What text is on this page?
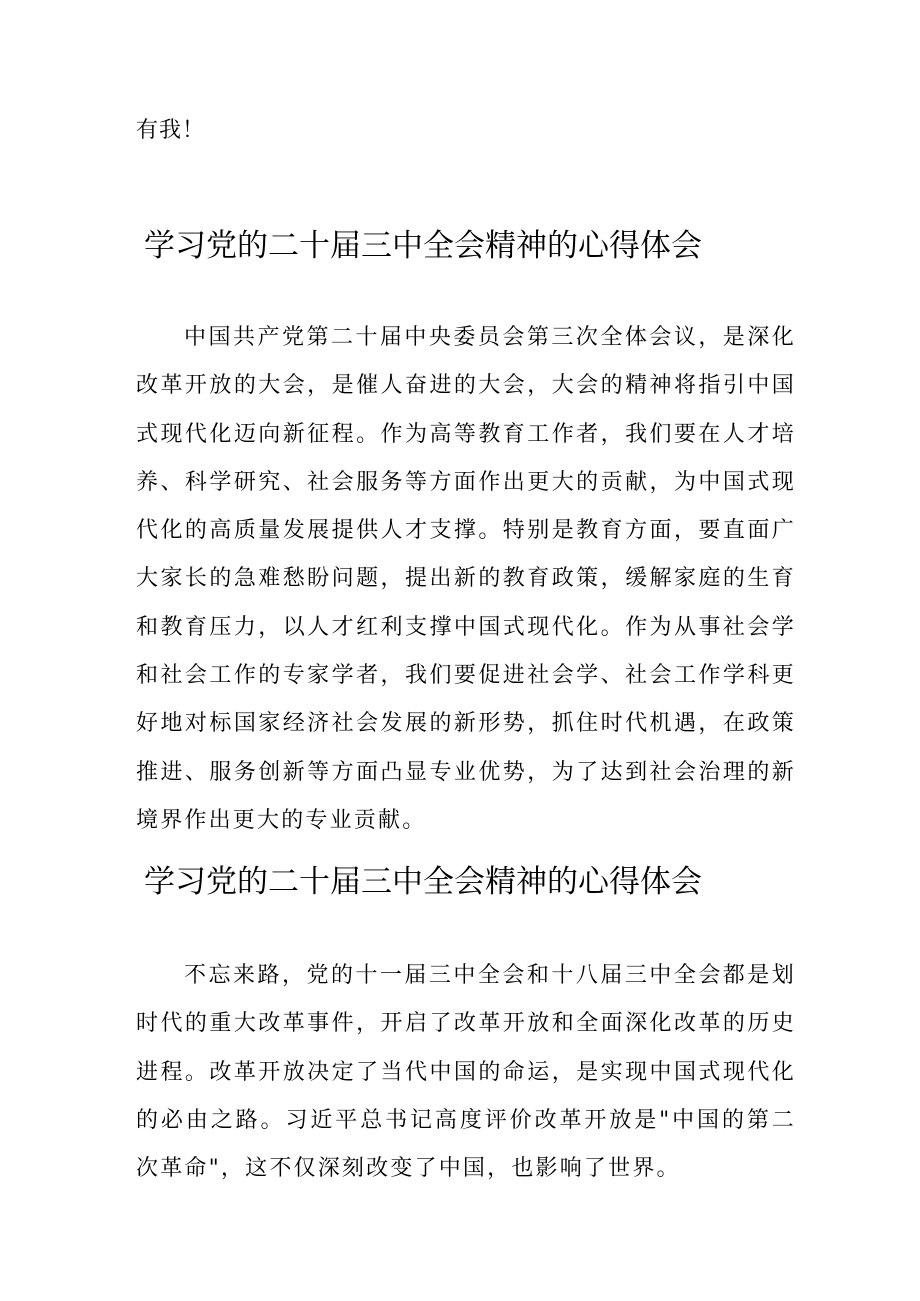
有我！
学习党的二十届三中全会精神的心得体会

中国共产党第二十届中央委员会第三次全体会议，是深化改革开放的大会，是催人奋进的大会，大会的精神将指引中国式现代化迈向新征程。作为高等教育工作者，我们要在人才培养、科学研究、社会服务等方面作出更大的贡献，为中国式现代化的高质量发展提供人才支撑。特别是教育方面，要直面广大家长的急难愁盼问题，提出新的教育政策，缓解家庭的生育和教育压力，以人才红利支撑中国式现代化。作为从事社会学和社会工作的专家学者，我们要促进社会学、社会工作学科更好地对标国家经济社会发展的新形势，抓住时代机遇，在政策推进、服务创新等方面凸显专业优势，为了达到社会治理的新境界作出更大的专业贡献。

学习党的二十届三中全会精神的心得体会

不忘来路，党的十一届三中全会和十八届三中全会都是划时代的重大改革事件，开启了改革开放和全面深化改革的历史进程。改革开放决定了当代中国的命运，是实现中国式现代化的必由之路。习近平总书记高度评价改革开放是"中国的第二次革命"，这不仅深刻改变了中国，也影响了世界。
